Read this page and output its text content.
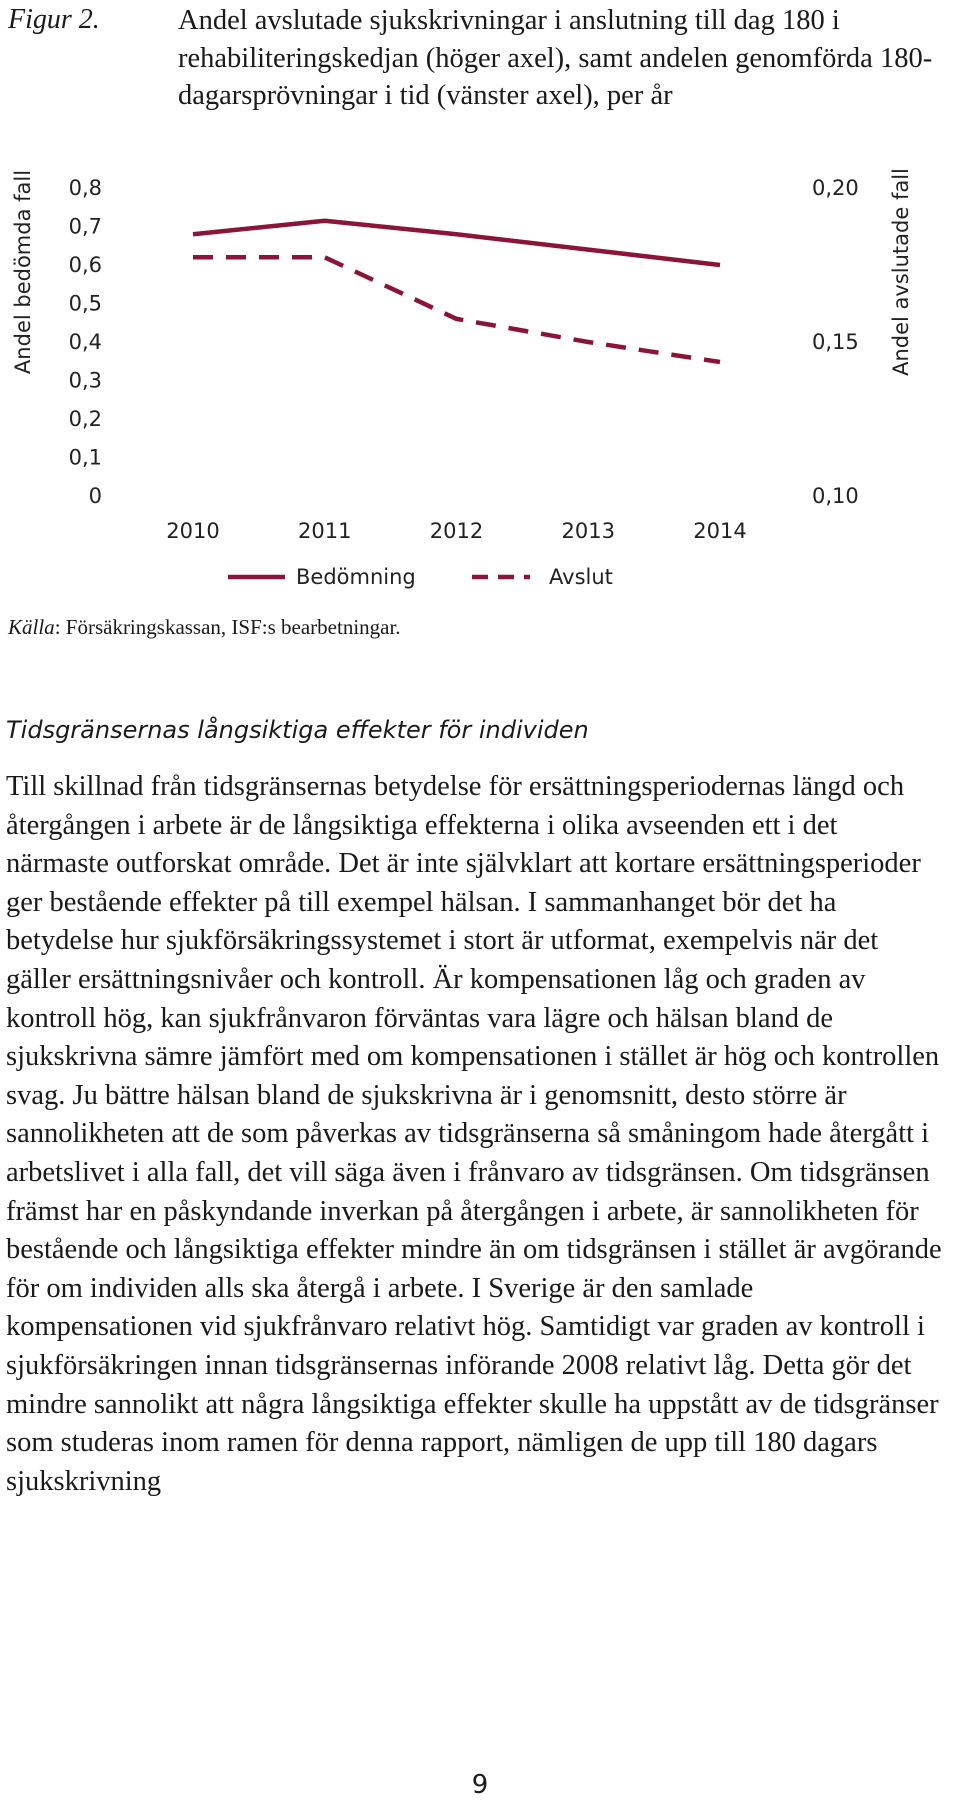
Figur 2.	Andel avslutade sjukskrivningar i anslutning till dag 180 i rehabiliteringskedjan (höger axel), samt andelen genomförda 180-dagarsprövningar i tid (vänster axel), per år
0,8
0,7
0,6
0,5
0,4
0,3
0,2
0,1
0
0,20
0,15
0,10
2010	2011	2012	2013	2014
Andel bedömda fall	Andel avslutade fall
Bedömning	Avslut
Källa: Försäkringskassan, ISF:s bearbetningar.
Tidsgränsernas långsiktiga effekter för individen

Till skillnad från tidsgränsernas betydelse för ersättningsperiodernas längd och återgången i arbete är de långsiktiga effekterna i olika avseenden ett i det närmaste outforskat område. Det är inte självklart att kortare ersättningsperioder ger bestående effekter på till exempel hälsan. I sammanhanget bör det ha betydelse hur sjukförsäkringssystemet i stort är utformat, exempelvis när det gäller ersättningsnivåer och kontroll. Är kompensationen låg och graden av kontroll hög, kan sjukfrånvaron förväntas vara lägre och hälsan bland de sjukskrivna sämre jämfört med om kompensationen i stället är hög och kontrollen svag. Ju bättre hälsan bland de sjukskrivna är i genomsnitt, desto större är sannolikheten att de som påverkas av tidsgränserna så småningom hade återgått i arbetslivet i alla fall, det vill säga även i frånvaro av tidsgränsen. Om tidsgränsen främst har en påskyndande inverkan på återgången i arbete, är sannolikheten för bestående och långsiktiga effekter mindre än om tidsgränsen i stället är avgörande för om individen alls ska återgå i arbete. I Sverige är den samlade kompensationen vid sjukfrånvaro relativt hög. Samtidigt var graden av kontroll i sjukförsäkringen innan tidsgränsernas införande 2008 relativt låg. Detta gör det mindre sannolikt att några långsiktiga effekter skulle ha uppstått av de tidsgränser som studeras inom ramen för denna rapport, nämligen de upp till 180 dagars sjukskrivning

9
